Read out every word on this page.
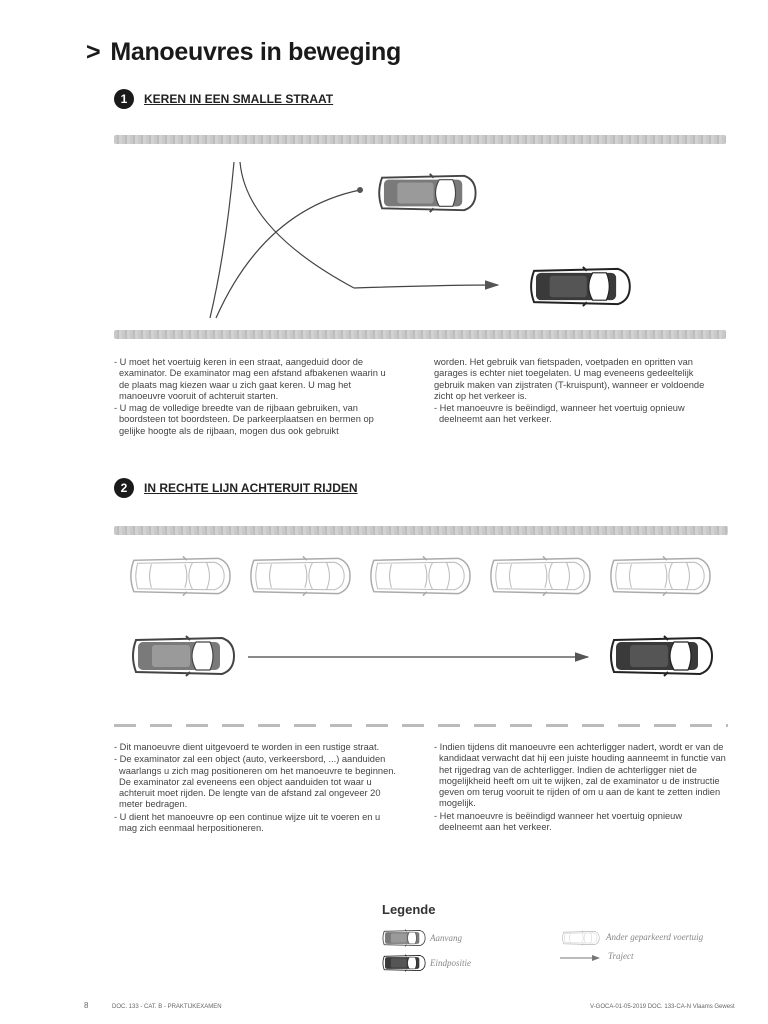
> Manoeuvres in beweging
1	KEREN IN EEN SMALLE STRAAT

- U moet het voertuig keren in een straat, aangeduid door de examinator. De examinator mag een afstand afbakenen waarin u de plaats mag kiezen waar u zich gaat keren. U mag het manoeuvre vooruit of achteruit starten.

- U mag de volledige breedte van de rijbaan gebruiken, van boordsteen tot boordsteen. De parkeerplaatsen en bermen op gelijke hoogte als de rijbaan, mogen dus ook gebruikt

worden. Het gebruik van fietspaden, voetpaden en opritten van garages is echter niet toegelaten. U mag eveneens gedeeltelijk gebruik maken van zijstraten (T-kruispunt), wanneer er voldoende zicht op het verkeer is.

- Het manoeuvre is beëindigd, wanneer het voertuig opnieuw deelneemt aan het verkeer.

2	IN RECHTE LIJN ACHTERUIT RIJDEN

- Dit manoeuvre dient uitgevoerd te worden in een rustige straat.

- De examinator zal een object (auto, verkeersbord, ...) aanduiden waarlangs u zich mag positioneren om het manoeuvre te beginnen. De examinator zal eveneens een object aanduiden tot waar u achteruit moet rijden. De lengte van de afstand zal ongeveer 20 meter bedragen.

- U dient het manoeuvre op een continue wijze uit te voeren en u mag zich eenmaal herpositioneren.

- Indien tijdens dit manoeuvre een achterligger nadert, wordt er van de kandidaat verwacht dat hij een juiste houding aanneemt in functie van het rijgedrag van de achterligger. Indien de achterligger niet de mogelijkheid heeft om uit te wijken, zal de examinator u de instructie geven om terug vooruit te rijden of om u aan de kant te zetten indien mogelijk.

- Het manoeuvre is beëindigd wanneer het voertuig opnieuw deelneemt aan het verkeer.

Legende
Aanvang
Eindpositie
Ander geparkeerd voertuig
Traject
8	DOC. 133 - CAT. B - PRAKTIJKEXAMEN	V-GOCA-01-05-2019 DOC. 133-CA-N Vlaams Gewest
